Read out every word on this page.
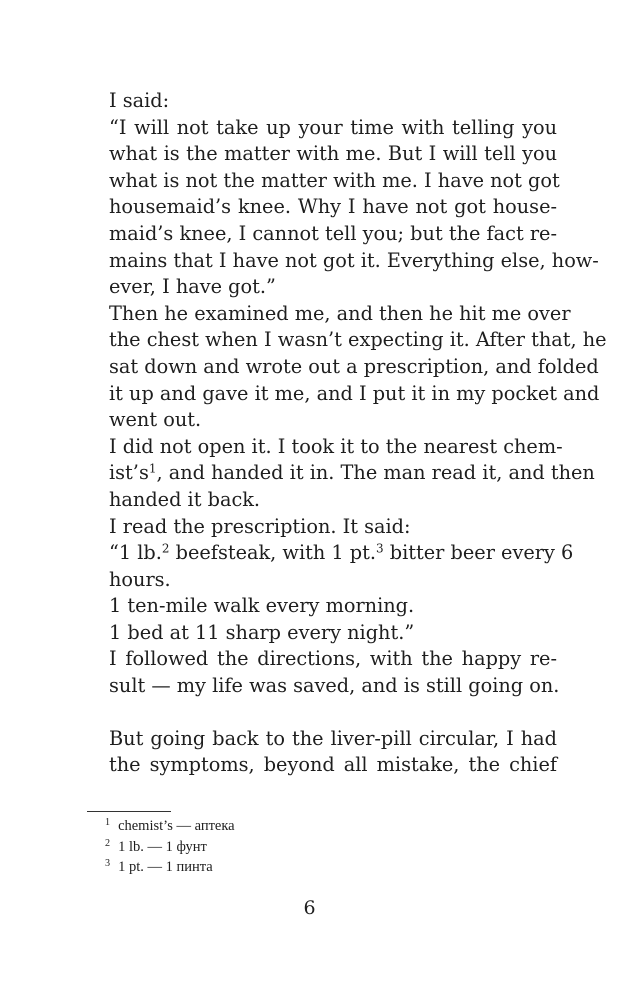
I said:

“I will not take up your time with telling you
what is the matter with me. But I will tell you
what is not the matter with me. I have not got
housemaid’s knee. Why I have not got house-
maid’s knee, I cannot tell you; but the fact re-
mains that I have not got it. Everything else, how-
ever, I have got.”

Then he examined me, and then he hit me over
the chest when I wasn’t expecting it. After that, he
sat down and wrote out a prescription, and folded
it up and gave it me, and I put it in my pocket and
went out.

I did not open it. I took it to the nearest chem-
$ist’s^1$, and handed it in. The man read it, and then
handed it back.

I read the prescription. It said:

“1 lb.$^2$ beefsteak, with 1 pt.$^3$ bitter beer every 6
hours.

1 ten-mile walk every morning.

1 bed at 11 sharp every night.”

I followed the directions, with the happy re-
sult — my life was saved, and is still going on.

But going back to the liver-pill circular, I had
the symptoms, beyond all mistake, the chief

$^1$ chemist’s — аптека
$^2$ 1 lb. — 1 фунт
$^3$ 1 pt. — 1 пинта
6
